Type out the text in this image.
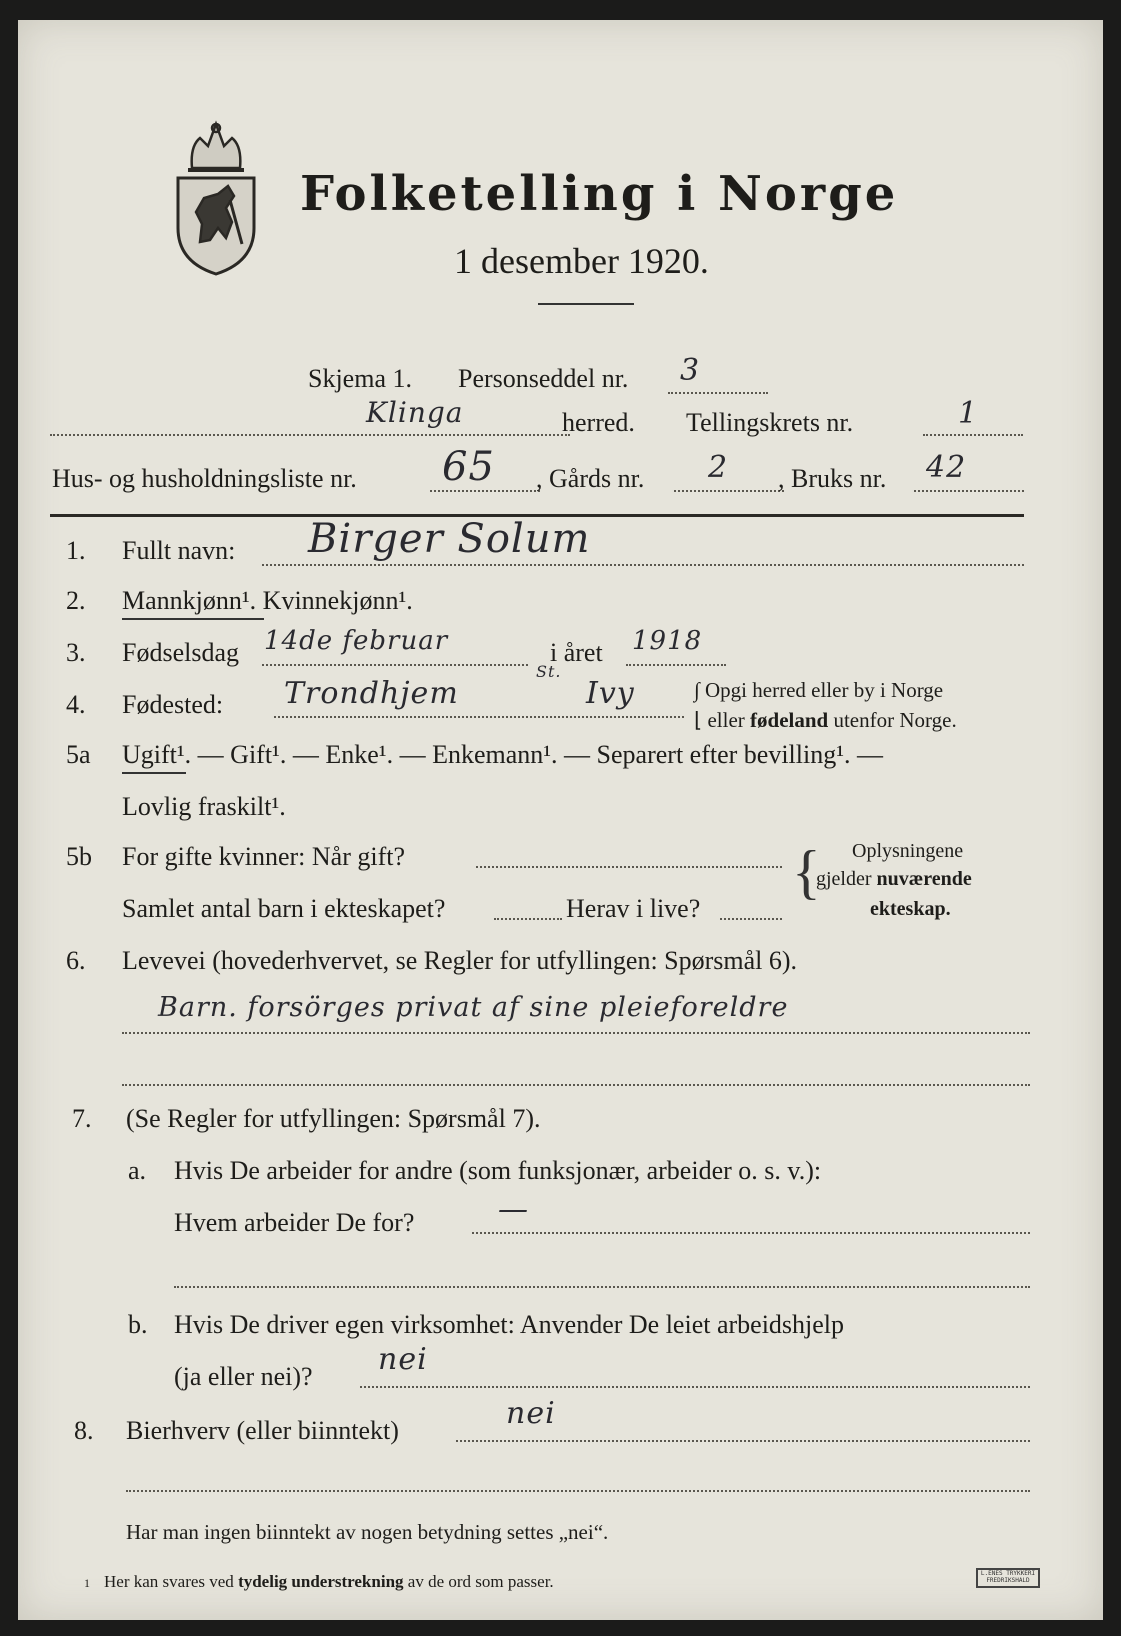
Folketelling i Norge
1 desember 1920.
Skjema 1. Personseddel nr. 3
Klinga	herred. Tellingskrets nr.	1
Hus- og husholdningsliste nr. 65 , Gårds nr. 2 , Bruks nr. 42
1. Fullt navn: Birger Solum
2. Mannkjønn¹. Kvinnekjønn¹.
3. Fødselsdag 14de februar	i året 1918
4. Fødested: Trondhjem
St.
Ivy	∫ Opgi herred eller by i Norge
⌊ eller fødeland utenfor Norge.
5a Ugift¹. — Gift¹. — Enke¹. — Enkemann¹. — Separert efter bevilling¹. —
Lovlig fraskilt¹.
5b For gifte kvinner: Når gift?
Samlet antal barn i ekteskapet?	Herav i live?
{ Oplysningene
gjelder nuværende
ekteskap.
6. Levevei (hovederhvervet, se Regler for utfyllingen: Spørsmål 6).
Barn. forsörges privat af sine pleieforeldre
7. (Se Regler for utfyllingen: Spørsmål 7).
a. Hvis De arbeider for andre (som funksjonær, arbeider o. s. v.):
Hvem arbeider De for?	—
b. Hvis De driver egen virksomhet: Anvender De leiet arbeidshjelp
(ja eller nei)? nei
8. Bierhverv (eller biinntekt)	nei
Har man ingen biinntekt av nogen betydning settes „nei“.
1 Her kan svares ved tydelig understrekning av de ord som passer.	L.ENES TRYKKERI FREDRIKSHALD
